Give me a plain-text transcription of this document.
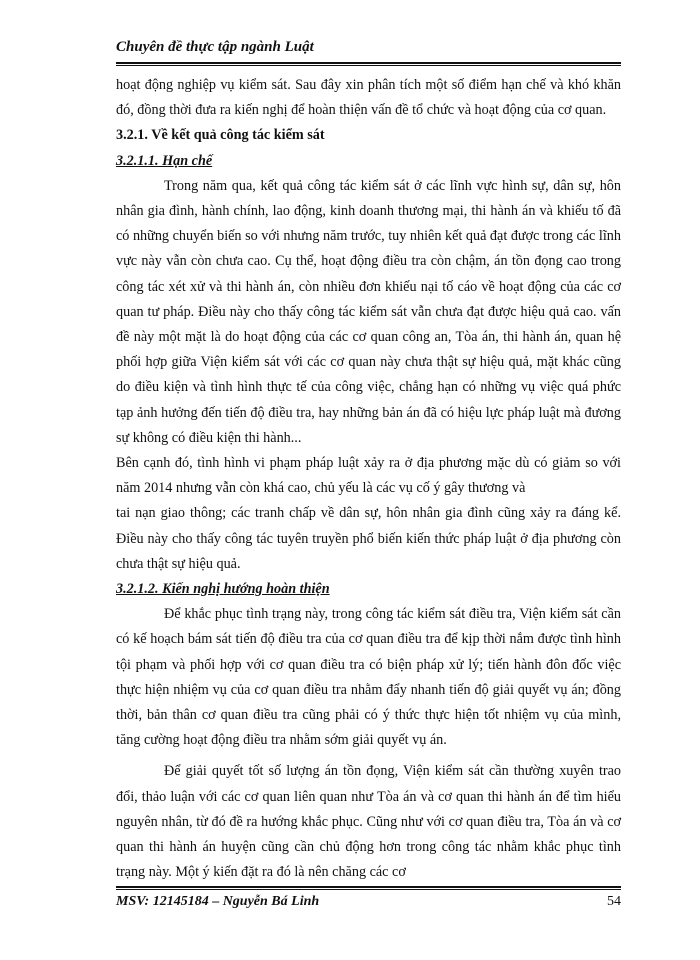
Chuyên đề thực tập ngành Luật

hoạt động nghiệp vụ kiểm sát. Sau đây xin phân tích một số điểm hạn chế và khó khăn đó, đồng thời đưa ra kiến nghị để hoàn thiện vấn đề tổ chức và hoạt động của cơ quan.

3.2.1. Về kết quả công tác kiểm sát

3.2.1.1. Hạn chế

Trong năm qua, kết quả công tác kiểm sát ở các lĩnh vực hình sự, dân sự, hôn nhân gia đình, hành chính, lao động, kinh doanh thương mại, thi hành án và khiếu tố đã có những chuyển biến so với nhưng năm trước, tuy nhiên kết quả đạt được trong các lĩnh vực này vẫn còn chưa cao. Cụ thể, hoạt động điều tra còn chậm, án tồn đọng cao trong công tác xét xử và thi hành án, còn nhiều đơn khiếu nại tố cáo về hoạt động của các cơ quan tư pháp. Điều này cho thấy công tác kiểm sát vẫn chưa đạt được hiệu quả cao. vấn đề này một mặt là do hoạt động của các cơ quan công an, Tòa án, thi hành án, quan hệ phối hợp giữa Viện kiểm sát với các cơ quan này chưa thật sự hiệu quả, mặt khác cũng do điều kiện và tình hình thực tế của công việc, chẳng hạn có những vụ việc quá phức tạp ảnh hưởng đến tiến độ điều tra, hay những bản án đã có hiệu lực pháp luật mà đương sự không có điều kiện thi hành...

Bên cạnh đó, tình hình vi phạm pháp luật xảy ra ở địa phương mặc dù có giảm so với năm 2014 nhưng vẫn còn khá cao, chủ yếu là các vụ cố ý gây thương và

tai nạn giao thông; các tranh chấp về dân sự, hôn nhân gia đình cũng xảy ra đáng kể. Điều này cho thấy công tác tuyên truyền phổ biến kiến thức pháp luật ở địa phương còn chưa thật sự hiệu quả.

3.2.1.2. Kiến nghị hướng hoàn thiện

Để khắc phục tình trạng này, trong công tác kiểm sát điều tra, Viện kiểm sát cần có kế hoạch bám sát tiến độ điều tra của cơ quan điều tra để kịp thời nắm được tình hình tội phạm và phối hợp với cơ quan điều tra có biện pháp xử lý; tiến hành đôn đốc việc thực hiện nhiệm vụ của cơ quan điều tra nhằm đẩy nhanh tiến độ giải quyết vụ án; đồng thời, bản thân cơ quan điều tra cũng phải có ý thức thực hiện tốt nhiệm vụ của mình, tăng cường hoạt động điều tra nhằm sớm giải quyết vụ án.

Để giải quyết tốt số lượng án tồn đọng, Viện kiểm sát cần thường xuyên trao đổi, thảo luận với các cơ quan liên quan như Tòa án và cơ quan thi hành án để tìm hiểu nguyên nhân, từ đó đề ra hướng khắc phục. Cũng như với cơ quan điều tra, Tòa án và cơ quan thi hành án huyện cũng cần chủ động hơn trong công tác nhằm khắc phục tình trạng này. Một ý kiến đặt ra đó là nên chăng các cơ

MSV: 12145184 – Nguyễn Bá Linh	54
